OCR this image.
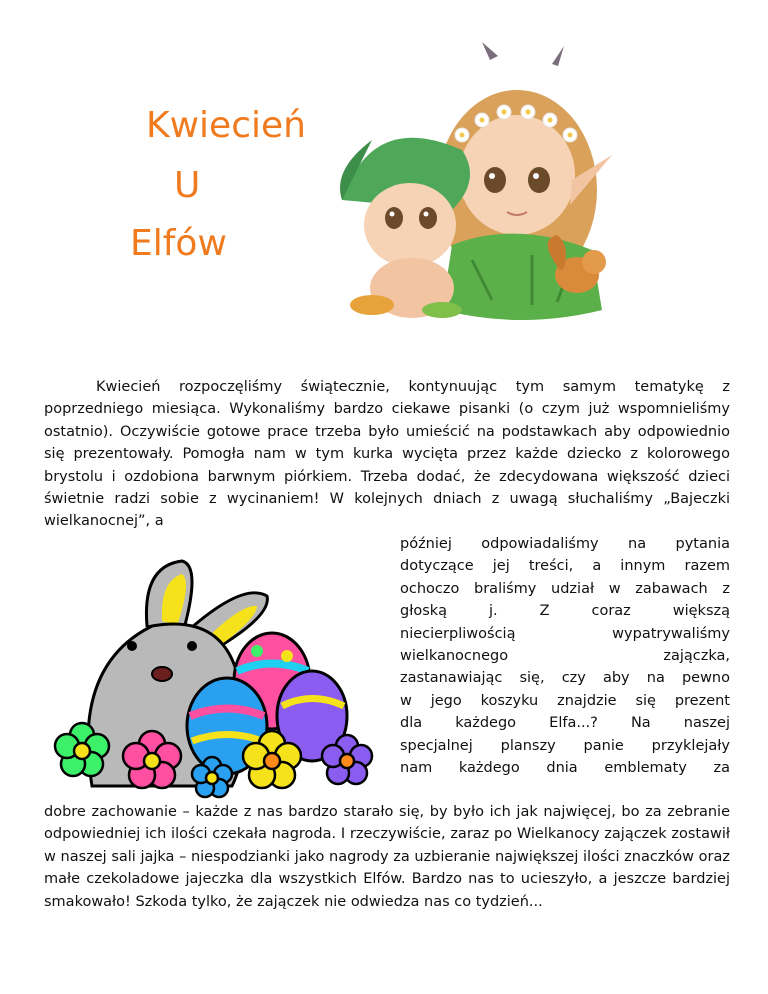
Kwiecień
U
Elfów

Kwiecień rozpoczęliśmy świątecznie, kontynuując tym samym tematykę z poprzedniego miesiąca. Wykonaliśmy bardzo ciekawe pisanki (o czym już wspomnieliśmy ostatnio). Oczywiście gotowe prace trzeba było umieścić na podstawkach aby odpowiednio się prezentowały. Pomogła nam w tym kurka wycięta przez każde dziecko z kolorowego brystolu i ozdobiona barwnym piórkiem. Trzeba dodać, że zdecydowana większość dzieci świetnie radzi sobie z wycinaniem! W kolejnych dniach z uwagą słuchaliśmy „Bajeczki wielkanocnej”, a

później odpowiadaliśmy na pytania
dotyczące jej treści, a innym razem
ochoczo braliśmy udział w zabawach z
głoską j. Z coraz większą
niecierpliwością wypatrywaliśmy
wielkanocnego zajączka,
zastanawiając się, czy aby na pewno
w jego koszyku znajdzie się prezent
dla każdego Elfa...? Na naszej
specjalnej planszy panie przyklejały
nam każdego dnia emblematy za

dobre zachowanie – każde z nas bardzo starało się, by było ich jak najwięcej, bo za zebranie odpowiedniej ich ilości czekała nagroda. I rzeczywiście, zaraz po Wielkanocy zajączek zostawił w naszej sali jajka – niespodzianki jako nagrody za uzbieranie największej ilości znaczków oraz małe czekoladowe jajeczka dla wszystkich Elfów. Bardzo nas to ucieszyło, a jeszcze bardziej smakowało! Szkoda tylko, że zajączek nie odwiedza nas co tydzień...
